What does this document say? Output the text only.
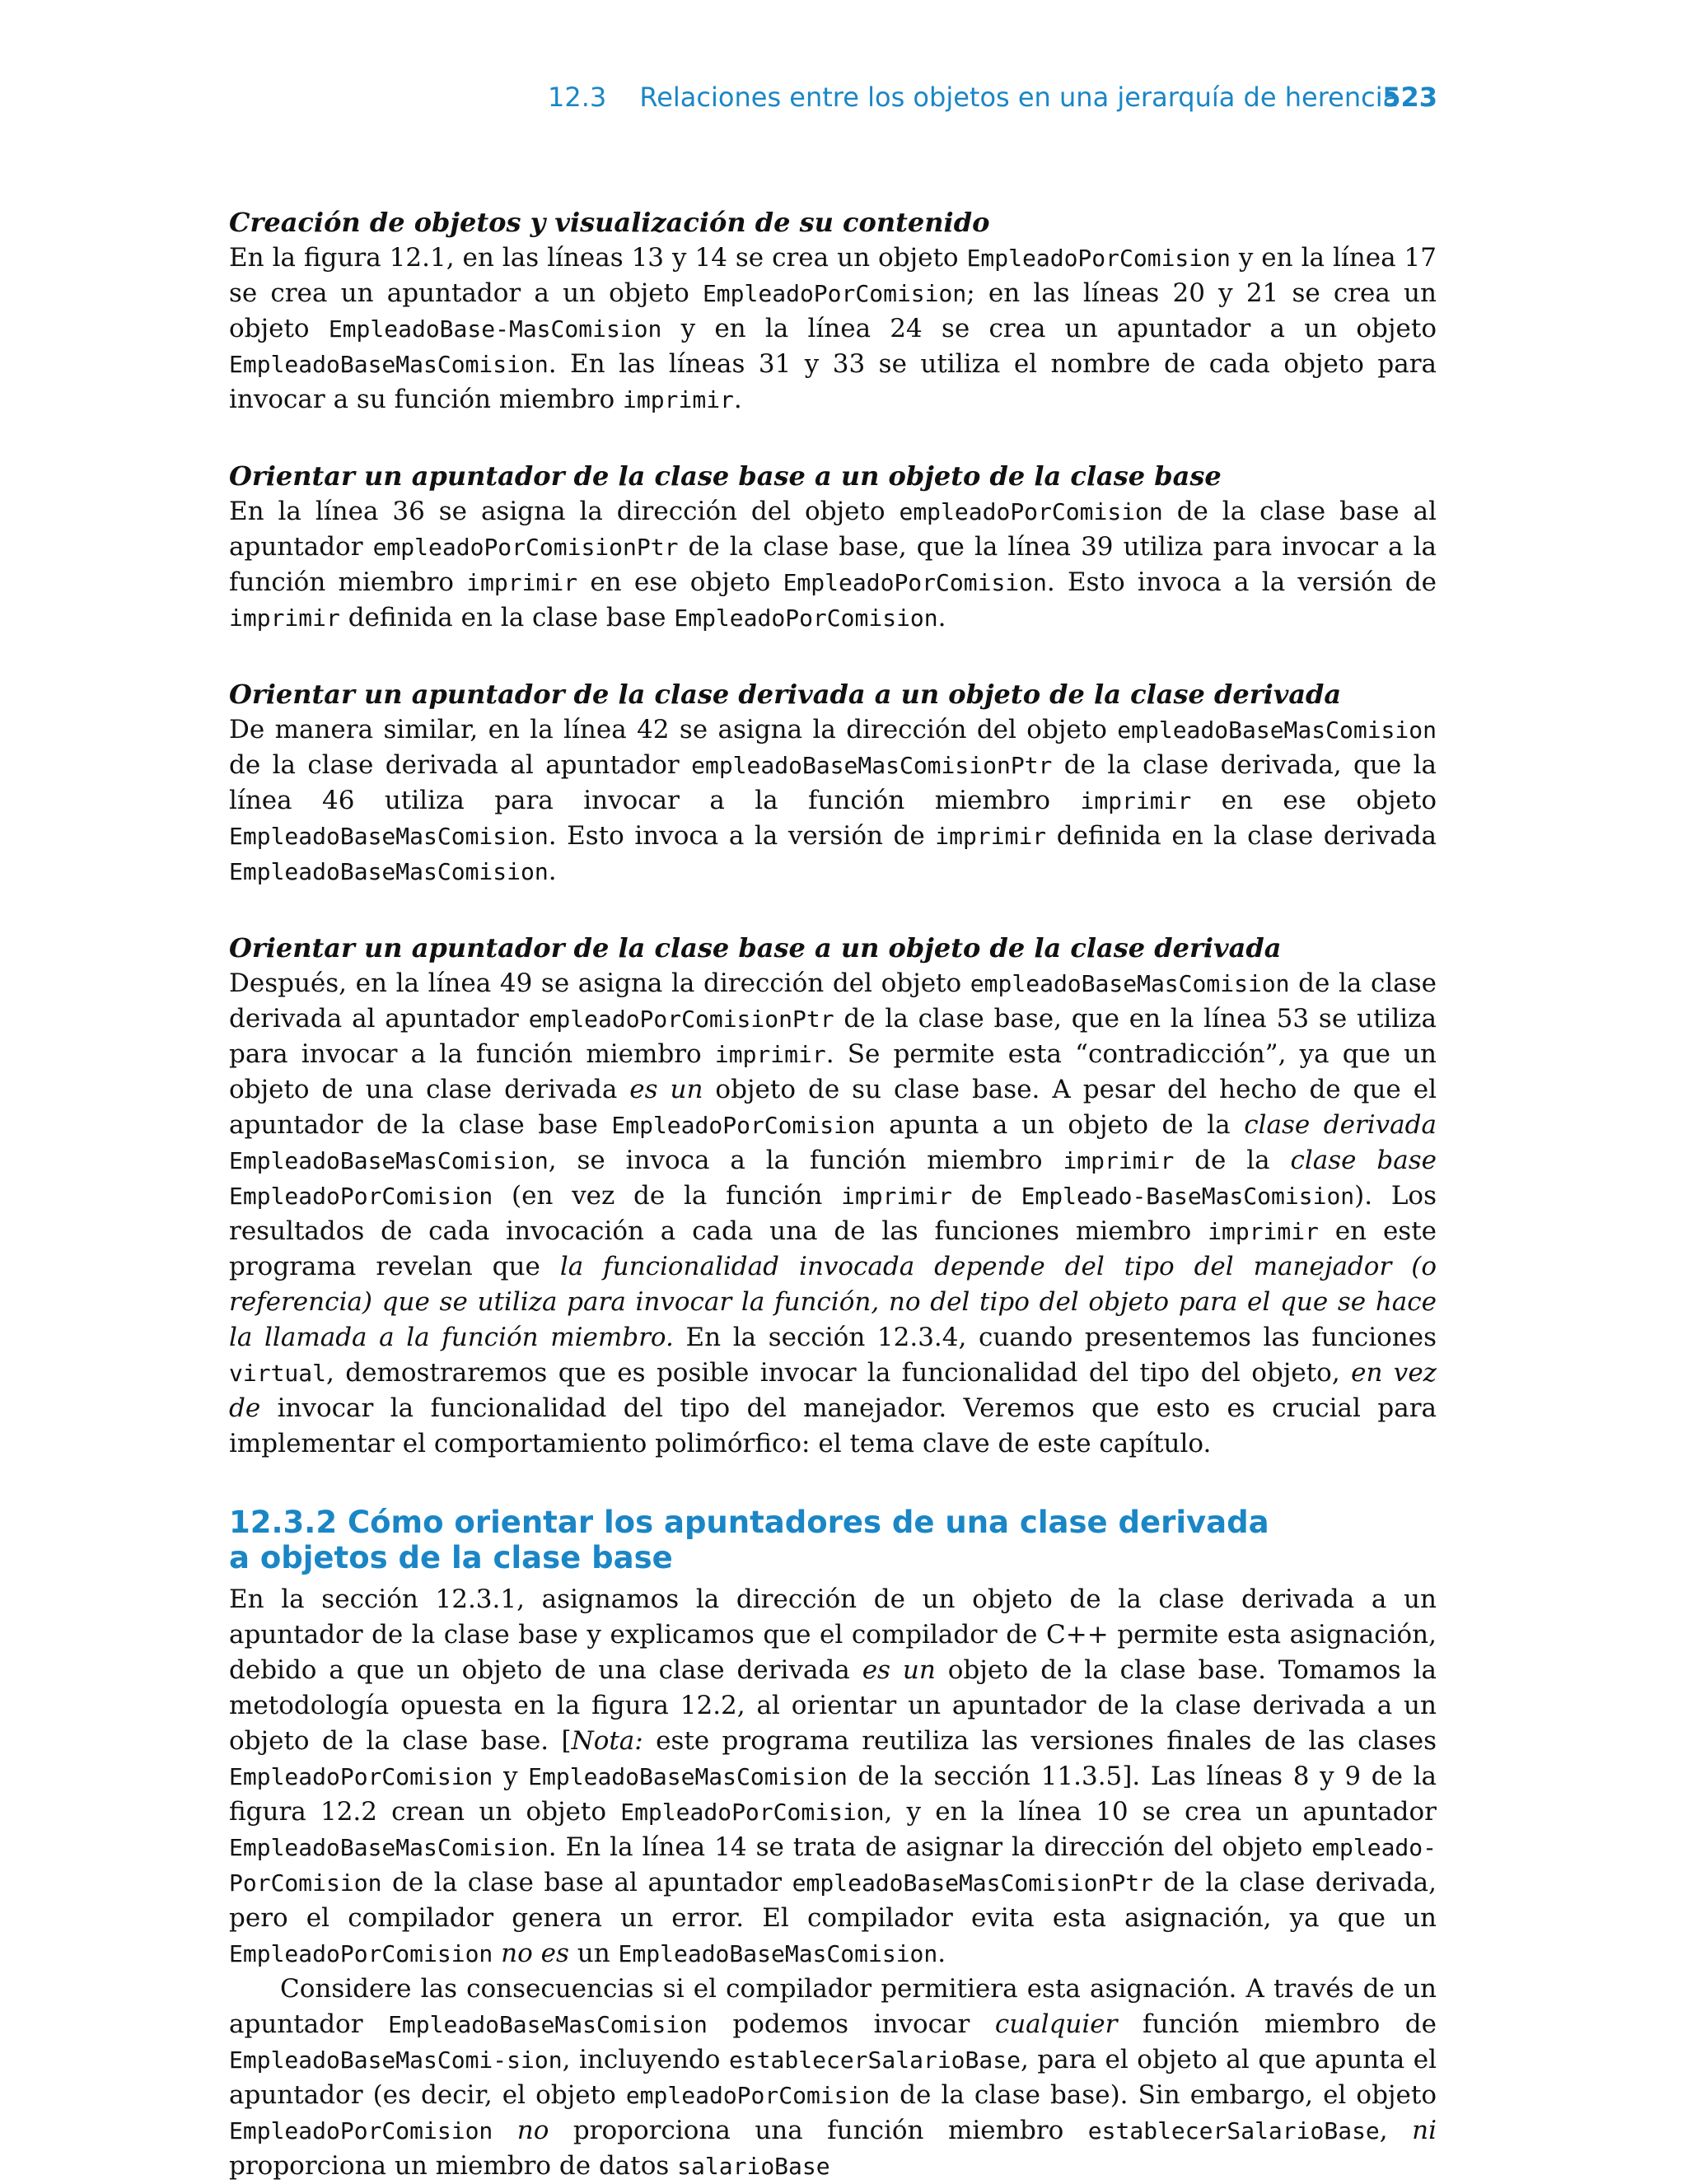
12.3 Relaciones entre los objetos en una jerarquía de herencia
523
Creación de objetos y visualización de su contenido

En la figura 12.1, en las líneas 13 y 14 se crea un objeto EmpleadoPorComision y en la línea 17 se crea un apuntador a un objeto EmpleadoPorComision; en las líneas 20 y 21 se crea un objeto EmpleadoBase-MasComision y en la línea 24 se crea un apuntador a un objeto EmpleadoBaseMasComision. En las líneas 31 y 33 se utiliza el nombre de cada objeto para invocar a su función miembro imprimir.

Orientar un apuntador de la clase base a un objeto de la clase base

En la línea 36 se asigna la dirección del objeto empleadoPorComision de la clase base al apuntador empleadoPorComisionPtr de la clase base, que la línea 39 utiliza para invocar a la función miembro imprimir en ese objeto EmpleadoPorComision. Esto invoca a la versión de imprimir definida en la clase base EmpleadoPorComision.

Orientar un apuntador de la clase derivada a un objeto de la clase derivada

De manera similar, en la línea 42 se asigna la dirección del objeto empleadoBaseMasComision de la clase derivada al apuntador empleadoBaseMasComisionPtr de la clase derivada, que la línea 46 utiliza para invocar a la función miembro imprimir en ese objeto EmpleadoBaseMasComision. Esto invoca a la versión de imprimir definida en la clase derivada EmpleadoBaseMasComision.

Orientar un apuntador de la clase base a un objeto de la clase derivada

Después, en la línea 49 se asigna la dirección del objeto empleadoBaseMasComision de la clase derivada al apuntador empleadoPorComisionPtr de la clase base, que en la línea 53 se utiliza para invocar a la función miembro imprimir. Se permite esta “contradicción”, ya que un objeto de una clase derivada es un objeto de su clase base. A pesar del hecho de que el apuntador de la clase base EmpleadoPorComision apunta a un objeto de la clase derivada EmpleadoBaseMasComision, se invoca a la función miembro imprimir de la clase base EmpleadoPorComision (en vez de la función imprimir de Empleado-BaseMasComision). Los resultados de cada invocación a cada una de las funciones miembro imprimir en este programa revelan que la funcionalidad invocada depende del tipo del manejador (o referencia) que se utiliza para invocar la función, no del tipo del objeto para el que se hace la llamada a la función miembro. En la sección 12.3.4, cuando presentemos las funciones virtual, demostraremos que es posible invocar la funcionalidad del tipo del objeto, en vez de invocar la funcionalidad del tipo del manejador. Veremos que esto es crucial para implementar el comportamiento polimórfico: el tema clave de este capítulo.

12.3.2 Cómo orientar los apuntadores de una clase derivada
a objetos de la clase base

En la sección 12.3.1, asignamos la dirección de un objeto de la clase derivada a un apuntador de la clase base y explicamos que el compilador de C++ permite esta asignación, debido a que un objeto de una clase derivada es un objeto de la clase base. Tomamos la metodología opuesta en la figura 12.2, al orientar un apuntador de la clase derivada a un objeto de la clase base. [Nota: este programa reutiliza las versiones finales de las clases EmpleadoPorComision y EmpleadoBaseMasComision de la sección 11.3.5]. Las líneas 8 y 9 de la figura 12.2 crean un objeto EmpleadoPorComision, y en la línea 10 se crea un apuntador EmpleadoBaseMasComision. En la línea 14 se trata de asignar la dirección del objeto empleado-PorComision de la clase base al apuntador empleadoBaseMasComisionPtr de la clase derivada, pero el compilador genera un error. El compilador evita esta asignación, ya que un EmpleadoPorComision no es un EmpleadoBaseMasComision.

Considere las consecuencias si el compilador permitiera esta asignación. A través de un apuntador EmpleadoBaseMasComision podemos invocar cualquier función miembro de EmpleadoBaseMasComi-sion, incluyendo establecerSalarioBase, para el objeto al que apunta el apuntador (es decir, el objeto empleadoPorComision de la clase base). Sin embargo, el objeto EmpleadoPorComision no proporciona una función miembro establecerSalarioBase, ni proporciona un miembro de datos salarioBase
